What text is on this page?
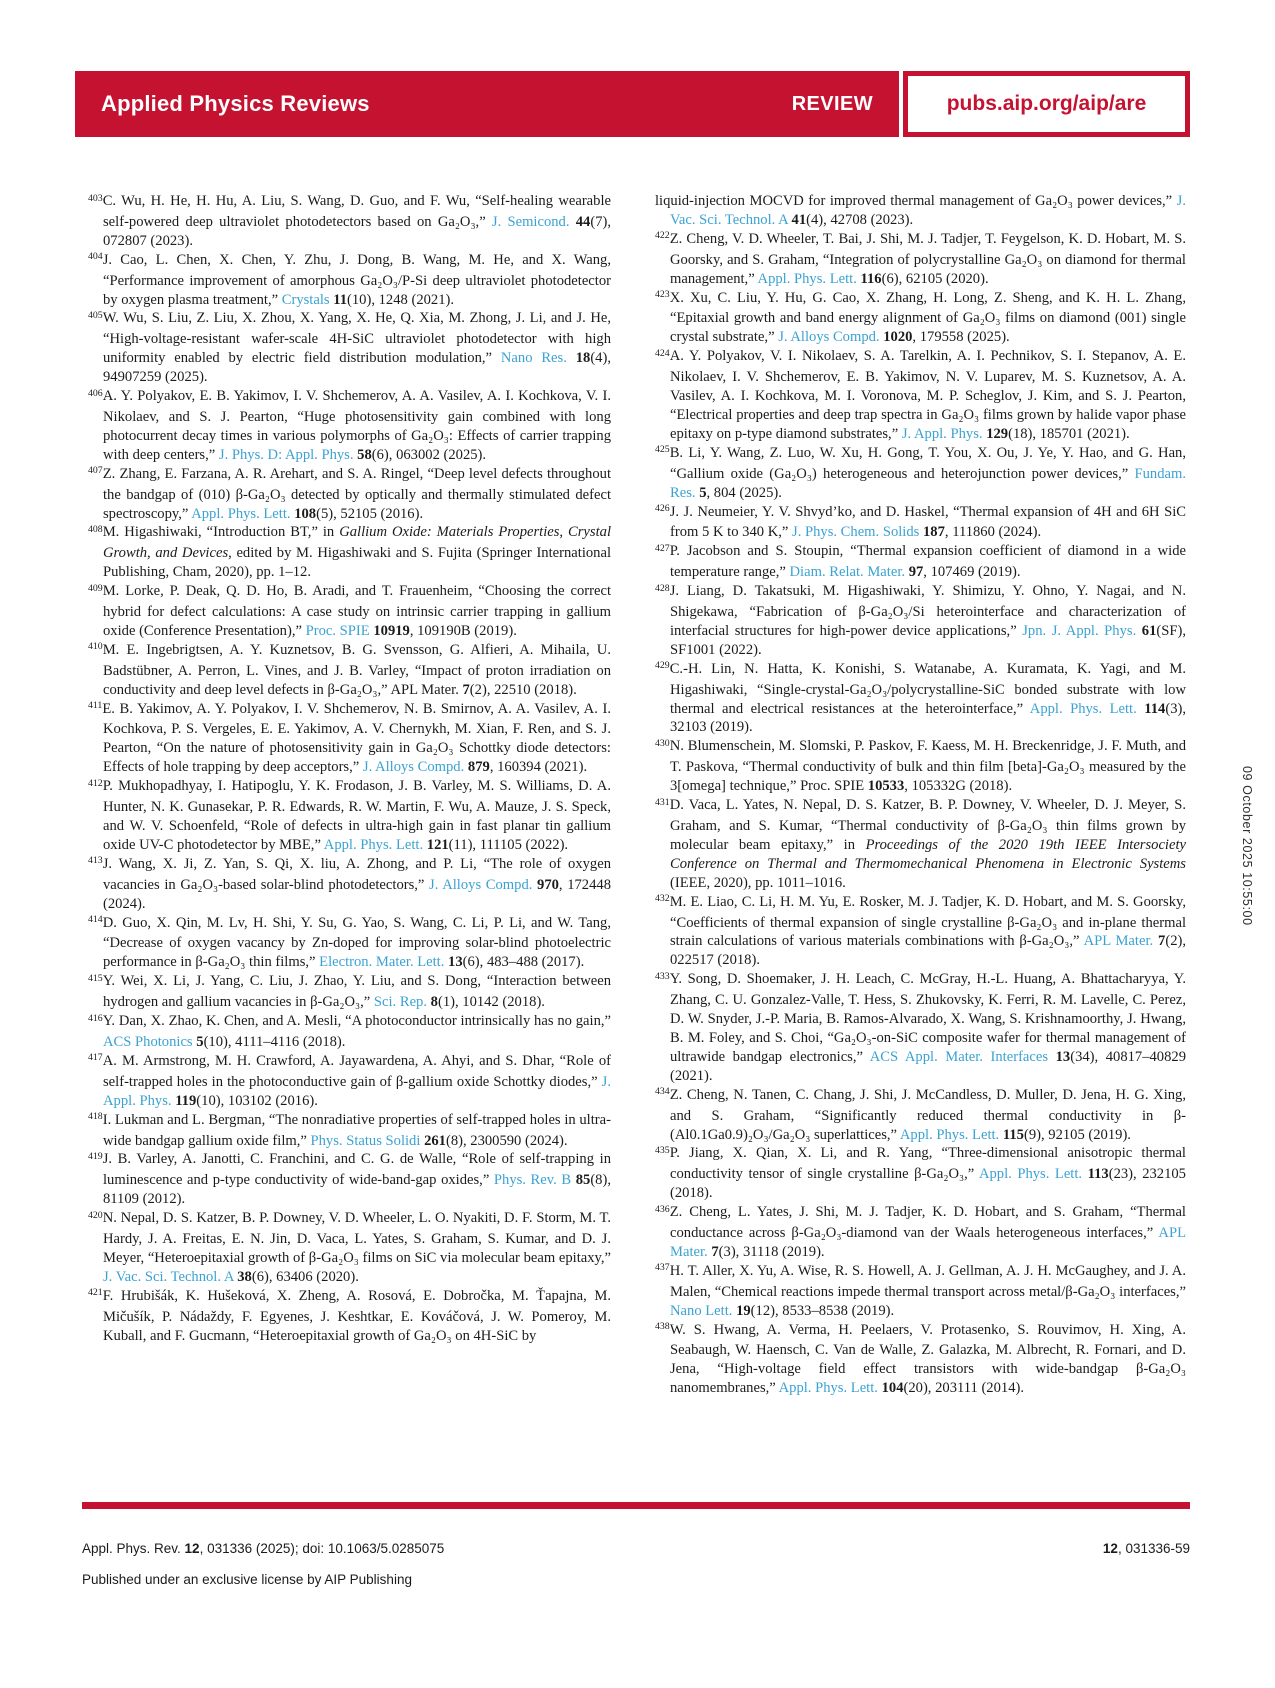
Applied Physics Reviews	REVIEW	pubs.aip.org/aip/are

$^{403}$C. Wu, H. He, H. Hu, A. Liu, S. Wang, D. Guo, and F. Wu, “Self-healing wearable self-powered deep ultraviolet photodetectors based on Ga₂O₃,” J. Semicond. 44(7), 072807 (2023).

$^{404}$J. Cao, L. Chen, X. Chen, Y. Zhu, J. Dong, B. Wang, M. He, and X. Wang, “Performance improvement of amorphous Ga₂O₃/P-Si deep ultraviolet photodetector by oxygen plasma treatment,” Crystals 11(10), 1248 (2021).

$^{405}$W. Wu, S. Liu, Z. Liu, X. Zhou, X. Yang, X. He, Q. Xia, M. Zhong, J. Li, and J. He, “High-voltage-resistant wafer-scale 4H-SiC ultraviolet photodetector with high uniformity enabled by electric field distribution modulation,” Nano Res. 18(4), 94907259 (2025).

$^{406}$A. Y. Polyakov, E. B. Yakimov, I. V. Shchemerov, A. A. Vasilev, A. I. Kochkova, V. I. Nikolaev, and S. J. Pearton, “Huge photosensitivity gain combined with long photocurrent decay times in various polymorphs of Ga₂O₃: Effects of carrier trapping with deep centers,” J. Phys. D: Appl. Phys. 58(6), 063002 (2025).

$^{407}$Z. Zhang, E. Farzana, A. R. Arehart, and S. A. Ringel, “Deep level defects throughout the bandgap of (010) β-Ga₂O₃ detected by optically and thermally stimulated defect spectroscopy,” Appl. Phys. Lett. 108(5), 52105 (2016).

$^{408}$M. Higashiwaki, “Introduction BT,” in Gallium Oxide: Materials Properties, Crystal Growth, and Devices, edited by M. Higashiwaki and S. Fujita (Springer International Publishing, Cham, 2020), pp. 1–12.

$^{409}$M. Lorke, P. Deak, Q. D. Ho, B. Aradi, and T. Frauenheim, “Choosing the correct hybrid for defect calculations: A case study on intrinsic carrier trapping in gallium oxide (Conference Presentation),” Proc. SPIE 10919, 109190B (2019).

$^{410}$M. E. Ingebrigtsen, A. Y. Kuznetsov, B. G. Svensson, G. Alfieri, A. Mihaila, U. Badstübner, A. Perron, L. Vines, and J. B. Varley, “Impact of proton irradiation on conductivity and deep level defects in β-Ga₂O₃,” APL Mater. 7(2), 22510 (2018).

$^{411}$E. B. Yakimov, A. Y. Polyakov, I. V. Shchemerov, N. B. Smirnov, A. A. Vasilev, A. I. Kochkova, P. S. Vergeles, E. E. Yakimov, A. V. Chernykh, M. Xian, F. Ren, and S. J. Pearton, “On the nature of photosensitivity gain in Ga₂O₃ Schottky diode detectors: Effects of hole trapping by deep acceptors,” J. Alloys Compd. 879, 160394 (2021).

$^{412}$P. Mukhopadhyay, I. Hatipoglu, Y. K. Frodason, J. B. Varley, M. S. Williams, D. A. Hunter, N. K. Gunasekar, P. R. Edwards, R. W. Martin, F. Wu, A. Mauze, J. S. Speck, and W. V. Schoenfeld, “Role of defects in ultra-high gain in fast planar tin gallium oxide UV-C photodetector by MBE,” Appl. Phys. Lett. 121(11), 111105 (2022).

$^{413}$J. Wang, X. Ji, Z. Yan, S. Qi, X. liu, A. Zhong, and P. Li, “The role of oxygen vacancies in Ga₂O₃-based solar-blind photodetectors,” J. Alloys Compd. 970, 172448 (2024).

$^{414}$D. Guo, X. Qin, M. Lv, H. Shi, Y. Su, G. Yao, S. Wang, C. Li, P. Li, and W. Tang, “Decrease of oxygen vacancy by Zn-doped for improving solar-blind photoelectric performance in β-Ga₂O₃ thin films,” Electron. Mater. Lett. 13(6), 483–488 (2017).

$^{415}$Y. Wei, X. Li, J. Yang, C. Liu, J. Zhao, Y. Liu, and S. Dong, “Interaction between hydrogen and gallium vacancies in β-Ga₂O₃,” Sci. Rep. 8(1), 10142 (2018).

$^{416}$Y. Dan, X. Zhao, K. Chen, and A. Mesli, “A photoconductor intrinsically has no gain,” ACS Photonics 5(10), 4111–4116 (2018).

$^{417}$A. M. Armstrong, M. H. Crawford, A. Jayawardena, A. Ahyi, and S. Dhar, “Role of self-trapped holes in the photoconductive gain of β-gallium oxide Schottky diodes,” J. Appl. Phys. 119(10), 103102 (2016).

$^{418}$I. Lukman and L. Bergman, “The nonradiative properties of self-trapped holes in ultra-wide bandgap gallium oxide film,” Phys. Status Solidi 261(8), 2300590 (2024).

$^{419}$J. B. Varley, A. Janotti, C. Franchini, and C. G. de Walle, “Role of self-trapping in luminescence and p-type conductivity of wide-band-gap oxides,” Phys. Rev. B 85(8), 81109 (2012).

$^{420}$N. Nepal, D. S. Katzer, B. P. Downey, V. D. Wheeler, L. O. Nyakiti, D. F. Storm, M. T. Hardy, J. A. Freitas, E. N. Jin, D. Vaca, L. Yates, S. Graham, S. Kumar, and D. J. Meyer, “Heteroepitaxial growth of β-Ga₂O₃ films on SiC via molecular beam epitaxy,” J. Vac. Sci. Technol. A 38(6), 63406 (2020).

$^{421}$F. Hrubišák, K. Hušeková, X. Zheng, A. Rosová, E. Dobročka, M. Ťapajna, M. Mičušík, P. Nádaždy, F. Egyenes, J. Keshtkar, E. Kováčová, J. W. Pomeroy, M. Kuball, and F. Gucmann, “Heteroepitaxial growth of Ga₂O₃ on 4H-SiC by

liquid-injection MOCVD for improved thermal management of Ga₂O₃ power devices,” J. Vac. Sci. Technol. A 41(4), 42708 (2023).

$^{422}$Z. Cheng, V. D. Wheeler, T. Bai, J. Shi, M. J. Tadjer, T. Feygelson, K. D. Hobart, M. S. Goorsky, and S. Graham, “Integration of polycrystalline Ga₂O₃ on diamond for thermal management,” Appl. Phys. Lett. 116(6), 62105 (2020).

$^{423}$X. Xu, C. Liu, Y. Hu, G. Cao, X. Zhang, H. Long, Z. Sheng, and K. H. L. Zhang, “Epitaxial growth and band energy alignment of Ga₂O₃ films on diamond (001) single crystal substrate,” J. Alloys Compd. 1020, 179558 (2025).

$^{424}$A. Y. Polyakov, V. I. Nikolaev, S. A. Tarelkin, A. I. Pechnikov, S. I. Stepanov, A. E. Nikolaev, I. V. Shchemerov, E. B. Yakimov, N. V. Luparev, M. S. Kuznetsov, A. A. Vasilev, A. I. Kochkova, M. I. Voronova, M. P. Scheglov, J. Kim, and S. J. Pearton, “Electrical properties and deep trap spectra in Ga₂O₃ films grown by halide vapor phase epitaxy on p-type diamond substrates,” J. Appl. Phys. 129(18), 185701 (2021).

$^{425}$B. Li, Y. Wang, Z. Luo, W. Xu, H. Gong, T. You, X. Ou, J. Ye, Y. Hao, and G. Han, “Gallium oxide (Ga₂O₃) heterogeneous and heterojunction power devices,” Fundam. Res. 5, 804 (2025).

$^{426}$J. J. Neumeier, Y. V. Shvyd’ko, and D. Haskel, “Thermal expansion of 4H and 6H SiC from 5 K to 340 K,” J. Phys. Chem. Solids 187, 111860 (2024).

$^{427}$P. Jacobson and S. Stoupin, “Thermal expansion coefficient of diamond in a wide temperature range,” Diam. Relat. Mater. 97, 107469 (2019).

$^{428}$J. Liang, D. Takatsuki, M. Higashiwaki, Y. Shimizu, Y. Ohno, Y. Nagai, and N. Shigekawa, “Fabrication of β-Ga₂O₃/Si heterointerface and characterization of interfacial structures for high-power device applications,” Jpn. J. Appl. Phys. 61(SF), SF1001 (2022).

$^{429}$C.-H. Lin, N. Hatta, K. Konishi, S. Watanabe, A. Kuramata, K. Yagi, and M. Higashiwaki, “Single-crystal-Ga₂O₃/polycrystalline-SiC bonded substrate with low thermal and electrical resistances at the heterointerface,” Appl. Phys. Lett. 114(3), 32103 (2019).

$^{430}$N. Blumenschein, M. Slomski, P. Paskov, F. Kaess, M. H. Breckenridge, J. F. Muth, and T. Paskova, “Thermal conductivity of bulk and thin film [beta]-Ga₂O₃ measured by the 3[omega] technique,” Proc. SPIE 10533, 105332G (2018).

$^{431}$D. Vaca, L. Yates, N. Nepal, D. S. Katzer, B. P. Downey, V. Wheeler, D. J. Meyer, S. Graham, and S. Kumar, “Thermal conductivity of β-Ga₂O₃ thin films grown by molecular beam epitaxy,” in Proceedings of the 2020 19th IEEE Intersociety Conference on Thermal and Thermomechanical Phenomena in Electronic Systems (IEEE, 2020), pp. 1011–1016.

$^{432}$M. E. Liao, C. Li, H. M. Yu, E. Rosker, M. J. Tadjer, K. D. Hobart, and M. S. Goorsky, “Coefficients of thermal expansion of single crystalline β-Ga₂O₃ and in-plane thermal strain calculations of various materials combinations with β-Ga₂O₃,” APL Mater. 7(2), 022517 (2018).

$^{433}$Y. Song, D. Shoemaker, J. H. Leach, C. McGray, H.-L. Huang, A. Bhattacharyya, Y. Zhang, C. U. Gonzalez-Valle, T. Hess, S. Zhukovsky, K. Ferri, R. M. Lavelle, C. Perez, D. W. Snyder, J.-P. Maria, B. Ramos-Alvarado, X. Wang, S. Krishnamoorthy, J. Hwang, B. M. Foley, and S. Choi, “Ga₂O₃-on-SiC composite wafer for thermal management of ultrawide bandgap electronics,” ACS Appl. Mater. Interfaces 13(34), 40817–40829 (2021).

$^{434}$Z. Cheng, N. Tanen, C. Chang, J. Shi, J. McCandless, D. Muller, D. Jena, H. G. Xing, and S. Graham, “Significantly reduced thermal conductivity in β-(Al0.1Ga0.9)₂O₃/Ga₂O₃ superlattices,” Appl. Phys. Lett. 115(9), 92105 (2019).

$^{435}$P. Jiang, X. Qian, X. Li, and R. Yang, “Three-dimensional anisotropic thermal conductivity tensor of single crystalline β-Ga₂O₃,” Appl. Phys. Lett. 113(23), 232105 (2018).

$^{436}$Z. Cheng, L. Yates, J. Shi, M. J. Tadjer, K. D. Hobart, and S. Graham, “Thermal conductance across β-Ga₂O₃-diamond van der Waals heterogeneous interfaces,” APL Mater. 7(3), 31118 (2019).

$^{437}$H. T. Aller, X. Yu, A. Wise, R. S. Howell, A. J. Gellman, A. J. H. McGaughey, and J. A. Malen, “Chemical reactions impede thermal transport across metal/β-Ga₂O₃ interfaces,” Nano Lett. 19(12), 8533–8538 (2019).

$^{438}$W. S. Hwang, A. Verma, H. Peelaers, V. Protasenko, S. Rouvimov, H. Xing, A. Seabaugh, W. Haensch, C. Van de Walle, Z. Galazka, M. Albrecht, R. Fornari, and D. Jena, “High-voltage field effect transistors with wide-bandgap β-Ga₂O₃ nanomembranes,” Appl. Phys. Lett. 104(20), 203111 (2014).

09 October 2025 10:55:00
Appl. Phys. Rev. 12, 031336 (2025); doi: 10.1063/5.0285075	12, 031336-59
Published under an exclusive license by AIP Publishing
